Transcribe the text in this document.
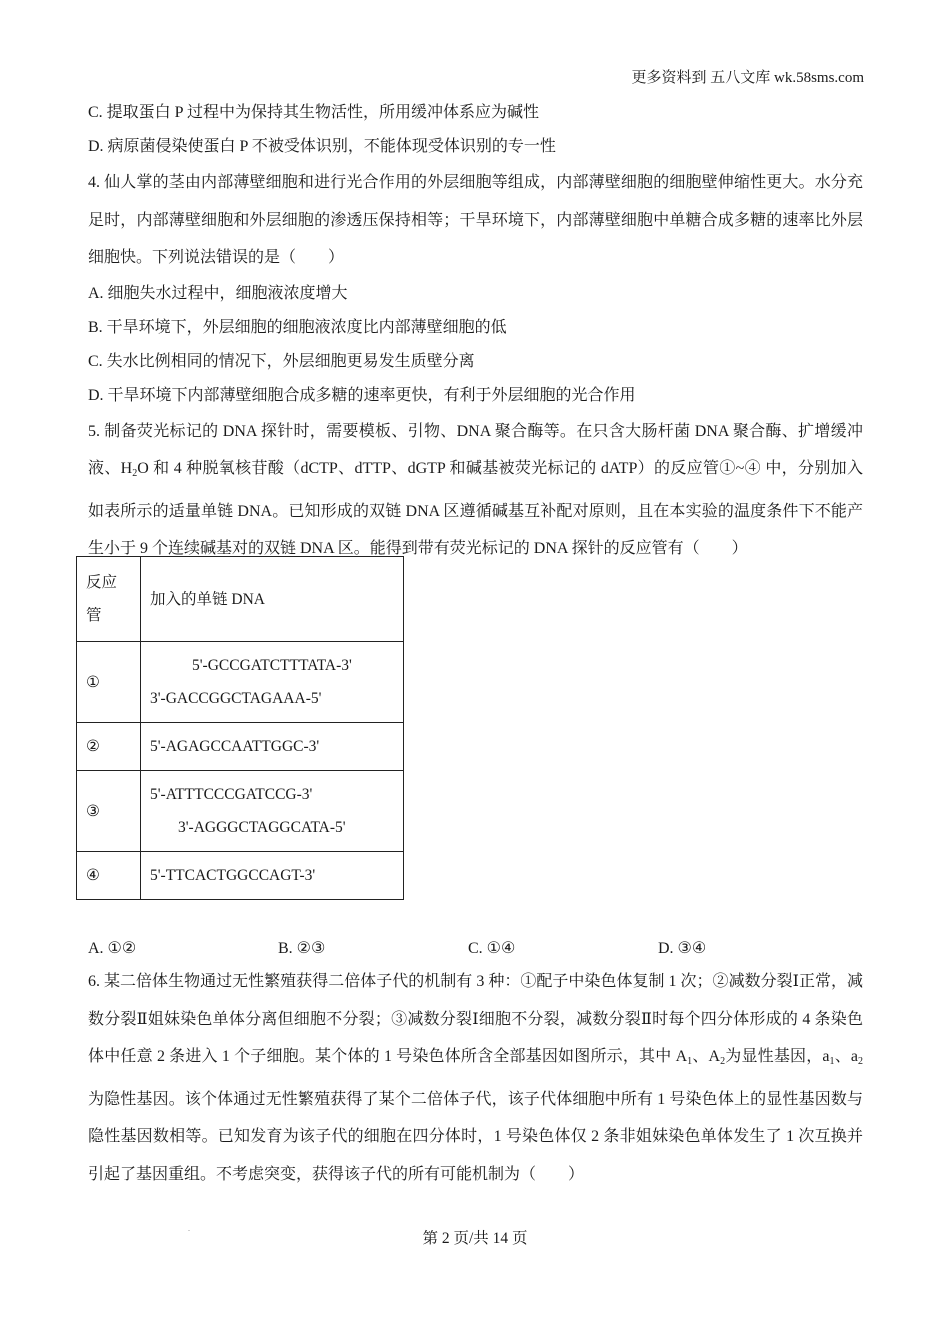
更多资料到 五八文库 wk.58sms.com
C. 提取蛋白 P 过程中为保持其生物活性，所用缓冲体系应为碱性
D. 病原菌侵染使蛋白 P 不被受体识别，不能体现受体识别的专一性
4. 仙人掌的茎由内部薄壁细胞和进行光合作用的外层细胞等组成，内部薄壁细胞的细胞壁伸缩性更大。水分充足时，内部薄壁细胞和外层细胞的渗透压保持相等；干旱环境下，内部薄壁细胞中单糖合成多糖的速率比外层细胞快。下列说法错误的是（　　）
A. 细胞失水过程中，细胞液浓度增大
B. 干旱环境下，外层细胞的细胞液浓度比内部薄壁细胞的低
C. 失水比例相同的情况下，外层细胞更易发生质壁分离
D. 干旱环境下内部薄壁细胞合成多糖的速率更快，有利于外层细胞的光合作用
5. 制备荧光标记的 DNA 探针时，需要模板、引物、DNA 聚合酶等。在只含大肠杆菌 DNA 聚合酶、扩增缓冲液、$H_2O$ 和 4 种脱氧核苷酸（dCTP、dTTP、dGTP 和碱基被荧光标记的 dATP）的反应管①~④ 中，分别加入如表所示的适量单链 DNA。已知形成的双链 DNA 区遵循碱基互补配对原则，且在本实验的温度条件下不能产生小于 9 个连续碱基对的双链 DNA 区。能得到带有荧光标记的 DNA 探针的反应管有（　　）
反应
管	加入的单链 DNA
①	5'-GCCGATCTTTATA-3'
3'-GACCGGCTAGAAA-5'

②	5'-AGAGCCAATTGGC-3'
③	5'-ATTTCCCGATCCG-3'
3'-AGGGCTAGGCATA-5'

④	5'-TTCACTGGCCAGT-3'
A. ①②	B. ②③	C. ①④	D. ③④
6. 某二倍体生物通过无性繁殖获得二倍体子代的机制有 3 种：①配子中染色体复制 1 次；②减数分裂Ⅰ正常，减数分裂Ⅱ姐妹染色单体分离但细胞不分裂；③减数分裂Ⅰ细胞不分裂，减数分裂Ⅱ时每个四分体形成的 4 条染色体中任意 2 条进入 1 个子细胞。某个体的 1 号染色体所含全部基因如图所示，其中 $A_1$、$A_2$为显性基因，$a_1$、$a_2$为隐性基因。该个体通过无性繁殖获得了某个二倍体子代，该子代体细胞中所有 1 号染色体上的显性基因数与隐性基因数相等。已知发育为该子代的细胞在四分体时，1 号染色体仅 2 条非姐妹染色单体发生了 1 次互换并引起了基因重组。不考虑突变，获得该子代的所有可能机制为（　　）
.
第 2 页/共 14 页
